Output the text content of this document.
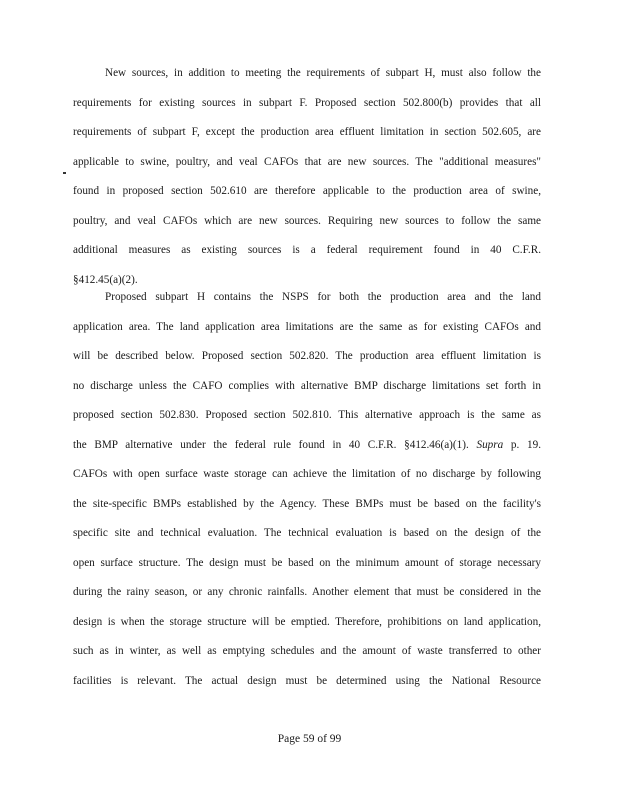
New sources, in addition to meeting the requirements of subpart H, must also follow the
requirements for existing sources in subpart F. Proposed section 502.800(b) provides that all
requirements of subpart F, except the production area effluent limitation in section 502.605, are
applicable to swine, poultry, and veal CAFOs that are new sources. The "additional measures"
found in proposed section 502.610 are therefore applicable to the production area of swine,
poultry, and veal CAFOs which are new sources. Requiring new sources to follow the same
additional measures as existing sources is a federal requirement found in 40 C.F.R.
§412.45(a)(2).
Proposed subpart H contains the NSPS for both the production area and the land
application area. The land application area limitations are the same as for existing CAFOs and
will be described below. Proposed section 502.820. The production area effluent limitation is
no discharge unless the CAFO complies with alternative BMP discharge limitations set forth in
proposed section 502.830. Proposed section 502.810. This alternative approach is the same as
the BMP alternative under the federal rule found in 40 C.F.R. §412.46(a)(1). Supra p. 19.
CAFOs with open surface waste storage can achieve the limitation of no discharge by following
the site-specific BMPs established by the Agency. These BMPs must be based on the facility's
specific site and technical evaluation. The technical evaluation is based on the design of the
open surface structure. The design must be based on the minimum amount of storage necessary
during the rainy season, or any chronic rainfalls. Another element that must be considered in the
design is when the storage structure will be emptied. Therefore, prohibitions on land application,
such as in winter, as well as emptying schedules and the amount of waste transferred to other
facilities is relevant. The actual design must be determined using the National Resource
Page 59 of 99
